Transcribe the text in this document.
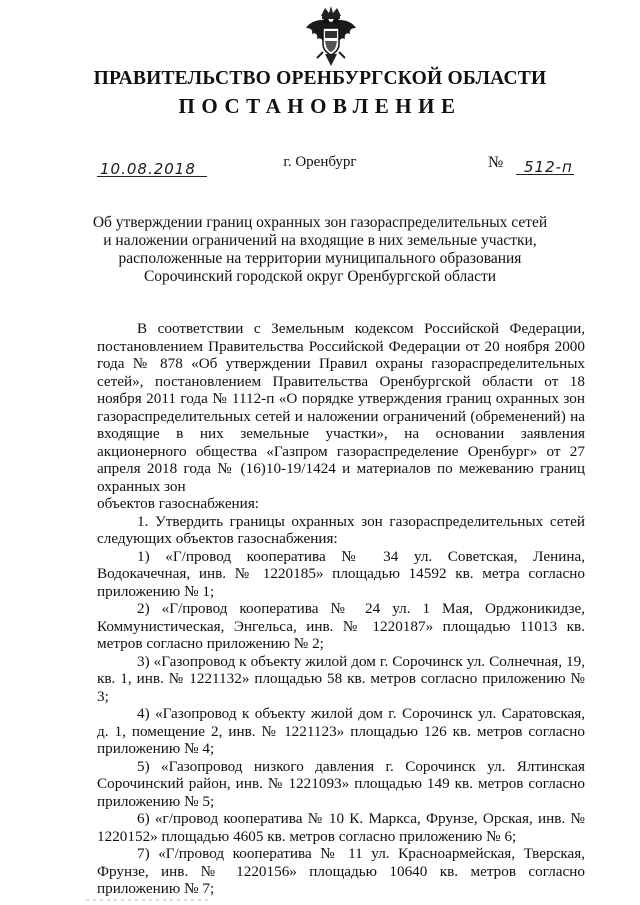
ПРАВИТЕЛЬСТВО ОРЕНБУРГСКОЙ ОБЛАСТИ
ПОСТАНОВЛЕНИЕ
10.08.2018	г. Оренбург	№	512-п
Об утверждении границ охранных зон газораспределительных сетей
и наложении ограничений на входящие в них земельные участки,
расположенные на территории муниципального образования
Сорочинский городской округ Оренбургской области

В соответствии с Земельным кодексом Российской Федерации, постановлением Правительства Российской Федерации от 20 ноября 2000 года № 878 «Об утверждении Правил охраны газораспределительных сетей», постановлением Правительства Оренбургской области от 18 ноября 2011 года № 1112-п «О порядке утверждения границ охранных зон газораспределительных сетей и наложении ограничений (обременений) на входящие в них земельные участки», на основании заявления акционерного общества «Газпром газораспределение Оренбург» от 27 апреля 2018 года № (16)10-19/1424 и материалов по межеванию границ охранных зон

объектов газоснабжения:

1. Утвердить границы охранных зон газораспределительных сетей следующих объектов газоснабжения:

1) «Г/провод кооператива № 34 ул. Советская, Ленина, Водокачечная, инв. № 1220185» площадью 14592 кв. метра согласно приложению № 1;

2) «Г/провод кооператива № 24 ул. 1 Мая, Орджоникидзе, Коммунистическая, Энгельса, инв. № 1220187» площадью 11013 кв. метров согласно приложению № 2;

3) «Газопровод к объекту жилой дом г. Сорочинск ул. Солнечная, 19, кв. 1, инв. № 1221132» площадью 58 кв. метров согласно приложению № 3;

4) «Газопровод к объекту жилой дом г. Сорочинск ул. Саратовская, д. 1, помещение 2, инв. № 1221123» площадью 126 кв. метров согласно приложению № 4;

5) «Газопровод низкого давления г. Сорочинск ул. Ялтинская Сорочинский район, инв. № 1221093» площадью 149 кв. метров согласно приложению № 5;

6) «г/провод кооператива № 10 К. Маркса, Фрунзе, Орская, инв. № 1220152» площадью 4605 кв. метров согласно приложению № 6;

7) «Г/провод кооператива № 11 ул. Красноармейская, Тверская, Фрунзе, инв. № 1220156» площадью 10640 кв. метров согласно приложению № 7;
